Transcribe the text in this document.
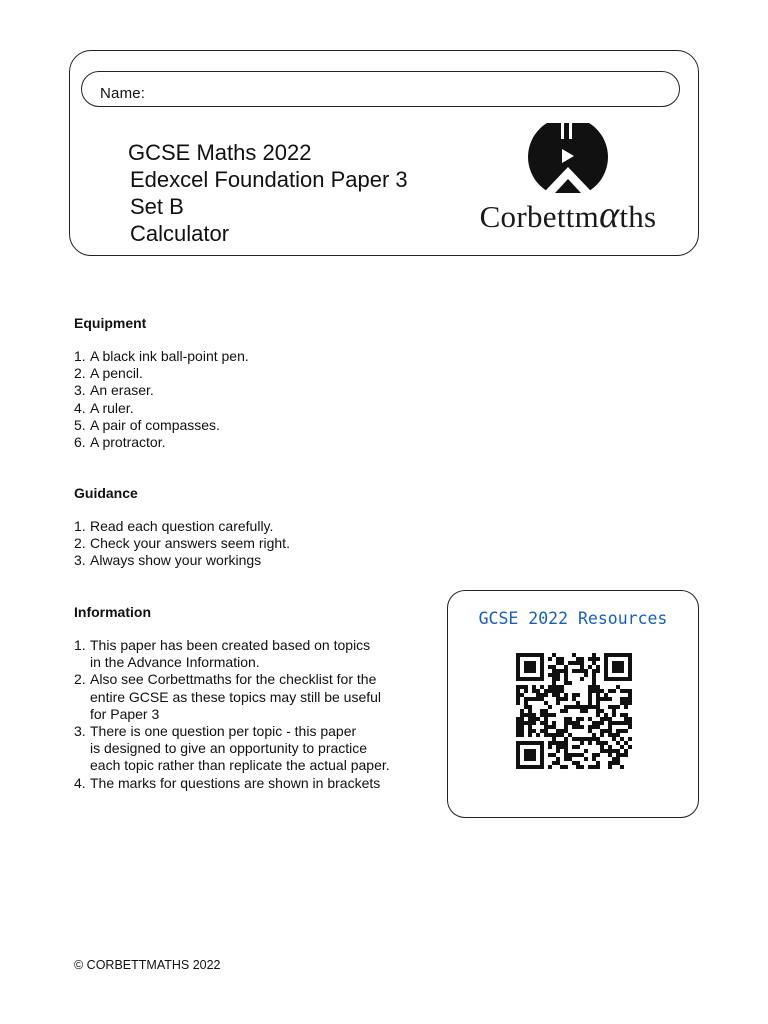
Name:
GCSE Maths 2022
Edexcel Foundation Paper 3
Set B
Calculator	Corbettmαths
Equipment
1. A black ink ball-point pen.
2. A pencil.
3. An eraser.
4. A ruler.
5. A pair of compasses.
6. A protractor.
Guidance
1. Read each question carefully.
2. Check your answers seem right.
3. Always show your workings
Information
1. This paper has been created based on topics
in the Advance Information.
2. Also see Corbettmaths for the checklist for the
entire GCSE as these topics may still be useful
for Paper 3
3. There is one question per topic - this paper
is designed to give an opportunity to practice
each topic rather than replicate the actual paper.
4. The marks for questions are shown in brackets
GCSE 2022 Resources
© CORBETTMATHS 2022
